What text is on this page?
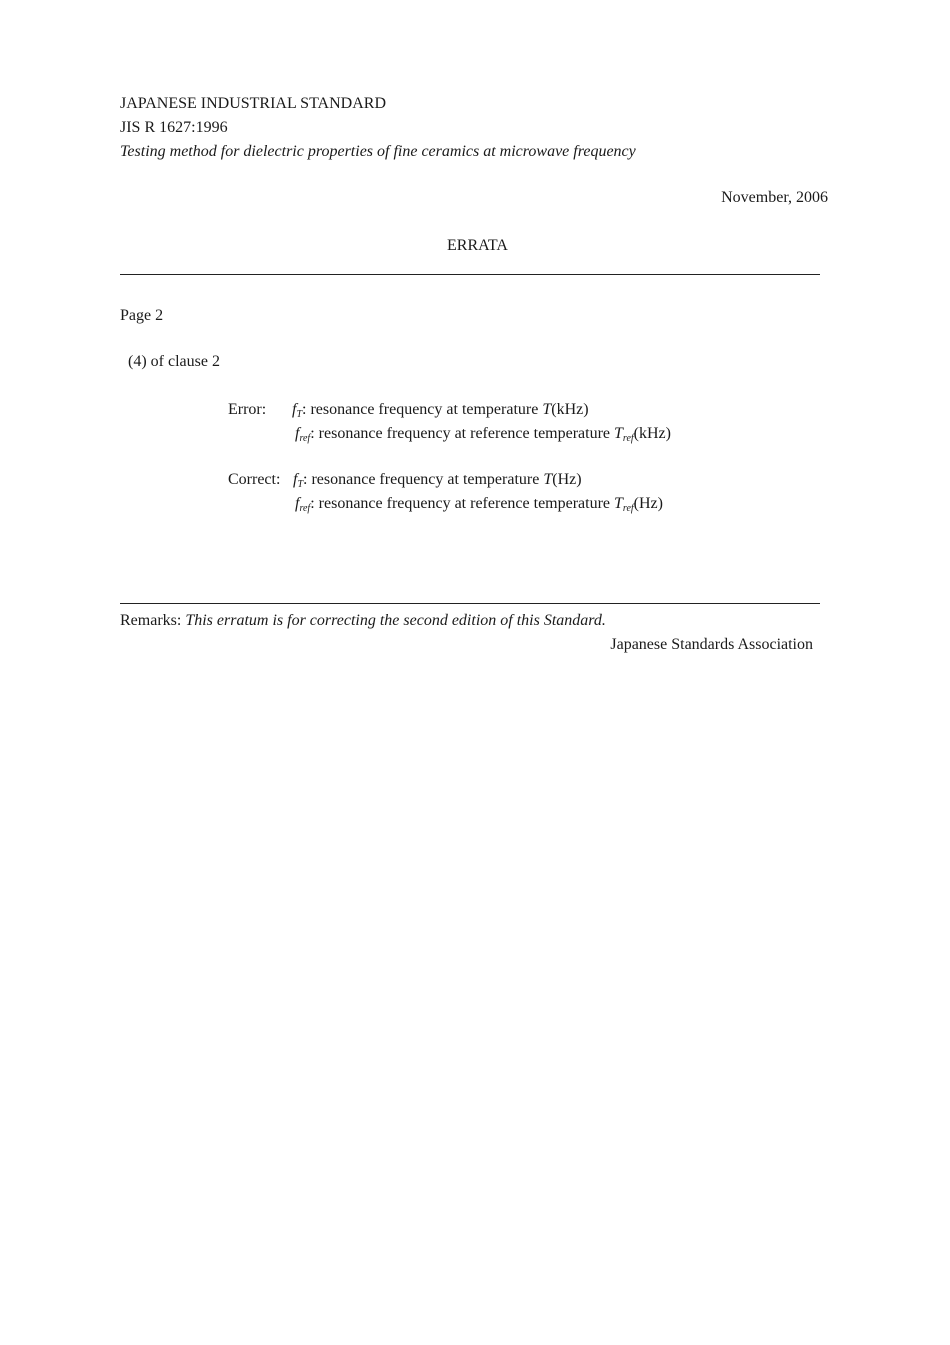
JAPANESE INDUSTRIAL STANDARD
JIS R 1627:1996
Testing method for dielectric properties of fine ceramics at microwave frequency
November, 2006
ERRATA
Page 2
(4) of clause 2
Error: $f_T$: resonance frequency at temperature T(kHz)
$f_{ref}$: resonance frequency at reference temperature $T_{ref}(kHz)$
Correct: $f_T$: resonance frequency at temperature T(Hz)
$f_{ref}$: resonance frequency at reference temperature $T_{ref}(Hz)$
Remarks: This erratum is for correcting the second edition of this Standard.
Japanese Standards Association
